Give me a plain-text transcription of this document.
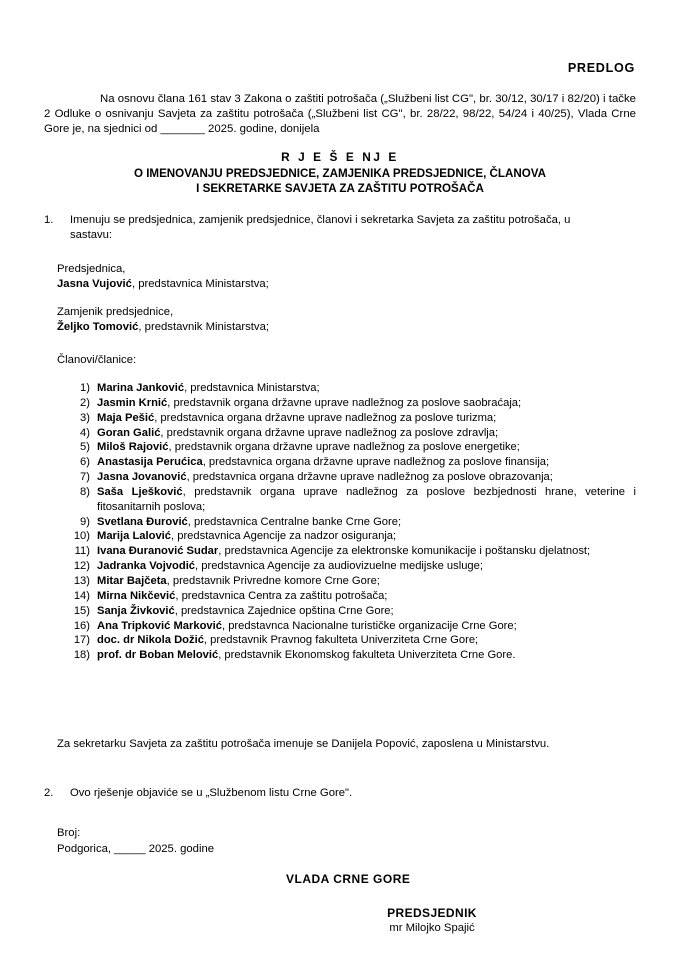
PREDLOG
Na osnovu člana 161 stav 3 Zakona o zaštiti potrošača („Službeni list CG", br. 30/12, 30/17 i 82/20) i tačke 2 Odluke o osnivanju Savjeta za zaštitu potrošača („Službeni list CG", br. 28/22, 98/22, 54/24 i 40/25), Vlada Crne Gore je, na sjednici od _______ 2025. godine, donijela
R J E Š E NJ E
O IMENOVANJU PREDSJEDNICE, ZAMJENIKA PREDSJEDNICE, ČLANOVA
I SEKRETARKE SAVJETA ZA ZAŠTITU POTROŠAČA
1.	Imenuju se predsjednica, zamjenik predsjednice, članovi i sekretarka Savjeta za zaštitu potrošača, u sastavu:
Predsjednica,
Jasna Vujović, predstavnica Ministarstva;
Zamjenik predsjednice,
Željko Tomović, predstavnik Ministarstva;
Članovi/članice:
1) Marina Janković, predstavnica Ministarstva;
2) Jasmin Krnić, predstavnik organa državne uprave nadležnog za poslove saobraćaja;
3) Maja Pešić, predstavnica organa državne uprave nadležnog za poslove turizma;
4) Goran Galić, predstavnik organa državne uprave nadležnog za poslove zdravlja;
5) Miloš Rajović, predstavnik organa državne uprave nadležnog za poslove energetike;
6) Anastasija Perućica, predstavnica organa državne uprave nadležnog za poslove finansija;
7) Jasna Jovanović, predstavnica organa državne uprave nadležnog za poslove obrazovanja;
8) Saša Lješković, predstavnik organa uprave nadležnog za poslove bezbjednosti hrane, veterine i fitosanitarnih poslova;
9) Svetlana Đurović, predstavnica Centralne banke Crne Gore;
10) Marija Lalović, predstavnica Agencije za nadzor osiguranja;
11) Ivana Đuranović Sudar, predstavnica Agencije za elektronske komunikacije i poštansku djelatnost;
12) Jadranka Vojvodić, predstavnica Agencije za audiovizuelne medijske usluge;
13) Mitar Bajčeta, predstavnik Privredne komore Crne Gore;
14) Mirna Nikčević, predstavnica Centra za zaštitu potrošača;
15) Sanja Živković, predstavnica Zajednice opština Crne Gore;
16) Ana Tripković Marković, predstavnca Nacionalne turističke organizacije Crne Gore;
17) doc. dr Nikola Dožić, predstavnik Pravnog fakulteta Univerziteta Crne Gore;
18) prof. dr Boban Melović, predstavnik Ekonomskog fakulteta Univerziteta Crne Gore.
Za sekretarku Savjeta za zaštitu potrošača imenuje se Danijela Popović, zaposlena u Ministarstvu.
2.	Ovo rješenje objaviće se u „Službenom listu Crne Gore".
Broj:
Podgorica, _____ 2025. godine
VLADA CRNE GORE
PREDSJEDNIK
mr Milojko Spajić
